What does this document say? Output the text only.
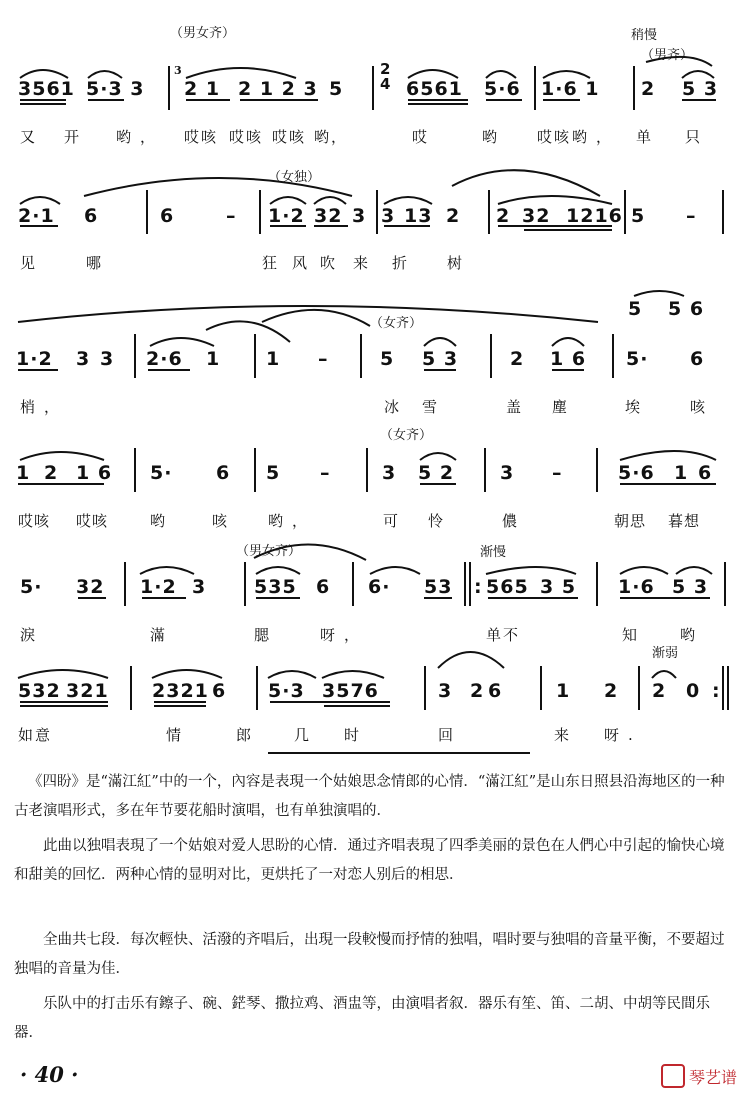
（男女齐）	稍慢
（男齐）
3561 5·3 3
3
2 1 2 1 2 3 5
2
4 6561 5·6 1·6 1 2 5 3
又 开 哟， 哎咳 哎咳 哎咳 哟，	哎	哟 哎咳 哟， 单 只
（女独）
2·1 6	6	– 1·2 32 3 3 13 2 2 32 1216 5 –
见	哪	狂 风 吹 来 折 树
（女齐）
5 5 6
1·2 3 3 2·6 1 1 –	5 5 3	2 1 6 5· 6
梢，	冰 雪	盖 塵	埃	咳
（女齐）
1 2 1 6 5· 6 5 –	3 5 2 3 –	5·6 1 6
哎咳 哎咳	哟	咳 哟，	可 怜	儂	朝思 暮想
（男女齐）	渐慢
5· 32 1·2 3	535 6 6· 53 : 565 3 5 1·6 5 3
淚	滿	腮	呀，	单不	知 哟
渐弱
532 321 2321 6 5·3 3576	3 2 6	1 2 2 0 :
如意	情	郎 几 时	回	来 呀.
《四盼》是“滿江紅”中的一个，內容是表現一个姑娘思念情郎的心情．“滿江紅”是山东日照县沿海地区的一种古老演唱形式，多在年节要花船时演唱，也有单独演唱的．
此曲以独唱表現了一个姑娘对爱人思盼的心情．通过齐唱表現了四季美丽的景色在人們心中引起的愉快心境和甜美的回忆．两种心情的显明对比，更烘托了一对恋人别后的相思．
全曲共七段．每次輕快、活潑的齐唱后，出現一段較慢而抒情的独唱，唱时要与独唱的音量平衡，不要超过独唱的音量为佳．
乐队中的打击乐有鑔子、碗、鋩琴、撒拉鸡、酒盅等，由演唱者叙．器乐有笙、笛、二胡、中胡等民間乐器．
· 40 ·	琴艺谱
